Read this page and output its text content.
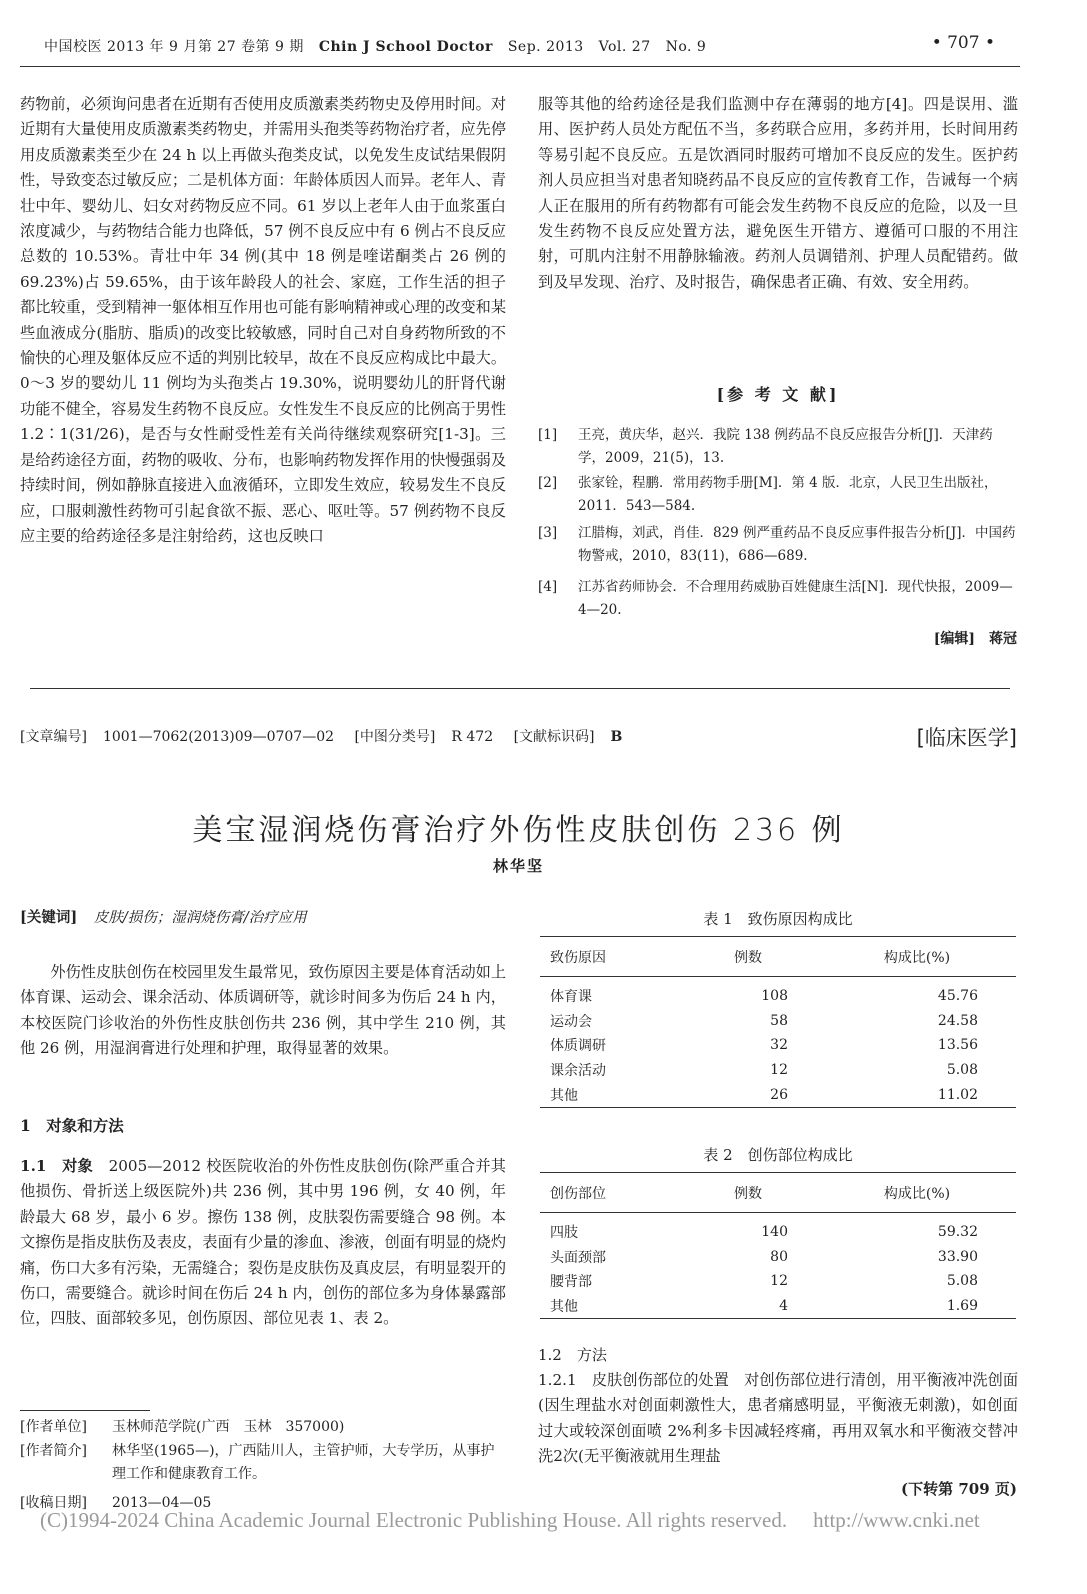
中国校医 2013 年 9 月第 27 卷第 9 期 Chin J School Doctor Sep. 2013 Vol. 27 No. 9	• 707 •
药物前，必须询问患者在近期有否使用皮质激素类药物史及停用时间。对近期有大量使用皮质激素类药物史，并需用头孢类等药物治疗者，应先停用皮质激素类至少在 24 h 以上再做头孢类皮试，以免发生皮试结果假阴性，导致变态过敏反应；二是机体方面：年龄体质因人而异。老年人、青壮中年、婴幼儿、妇女对药物反应不同。61 岁以上老年人由于血浆蛋白浓度减少，与药物结合能力也降低，57 例不良反应中有 6 例占不良反应总数的 10.53%。青壮中年 34 例(其中 18 例是喹诺酮类占 26 例的 69.23%)占 59.65%，由于该年龄段人的社会、家庭，工作生活的担子都比较重，受到精神一躯体相互作用也可能有影响精神或心理的改变和某些血液成分(脂肪、脂质)的改变比较敏感，同时自己对自身药物所致的不愉快的心理及躯体反应不适的判别比较早，故在不良反应构成比中最大。0～3 岁的婴幼儿 11 例均为头孢类占 19.30%，说明婴幼儿的肝肾代谢功能不健全，容易发生药物不良反应。女性发生不良反应的比例高于男性 1.2∶1(31/26)，是否与女性耐受性差有关尚待继续观察研究[1-3]。三是给药途径方面，药物的吸收、分布，也影响药物发挥作用的快慢强弱及持续时间，例如静脉直接进入血液循环，立即发生效应，较易发生不良反应，口服刺激性药物可引起食欲不振、恶心、呕吐等。57 例药物不良反应主要的给药途径多是注射给药，这也反映口
服等其他的给药途径是我们监测中存在薄弱的地方[4]。四是误用、滥用、医护药人员处方配伍不当，多药联合应用，多药并用，长时间用药等易引起不良反应。五是饮酒同时服药可增加不良反应的发生。医护药剂人员应担当对患者知晓药品不良反应的宣传教育工作，告诫每一个病人正在服用的所有药物都有可能会发生药物不良反应的危险，以及一旦发生药物不良反应处置方法，避免医生开错方、遵循可口服的不用注射，可肌内注射不用静脉输液。药剂人员调错剂、护理人员配错药。做到及早发现、治疗、及时报告，确保患者正确、有效、安全用药。
[参 考 文 献]
[1] 王亮，黄庆华，赵兴．我院 138 例药品不良反应报告分析[J]．天津药学，2009，21(5)，13.
[2] 张家铨，程鹏．常用药物手册[M]．第 4 版．北京，人民卫生出版社，2011．543—584.
[3] 江腊梅，刘武，肖佳．829 例严重药品不良反应事件报告分析[J]．中国药物警戒，2010，83(11)，686—689.
[4] 江苏省药师协会．不合理用药威胁百姓健康生活[N]．现代快报，2009—4—20.
[编辑]　蒋冠
[文章编号] 1001—7062(2013)09—0707—02 [中图分类号] R 472 [文献标识码] B	[临床医学]
美宝湿润烧伤膏治疗外伤性皮肤创伤 236 例
林华坚
[关键词] 皮肤/损伤；湿润烧伤膏/治疗应用
外伤性皮肤创伤在校园里发生最常见，致伤原因主要是体育活动如上体育课、运动会、课余活动、体质调研等，就诊时间多为伤后 24 h 内，本校医院门诊收治的外伤性皮肤创伤共 236 例，其中学生 210 例，其他 26 例，用湿润膏进行处理和护理，取得显著的效果。
1　对象和方法
1.1　对象　 2005—2012 校医院收治的外伤性皮肤创伤(除严重合并其他损伤、骨折送上级医院外)共 236 例，其中男 196 例，女 40 例，年龄最大 68 岁，最小 6 岁。擦伤 138 例，皮肤裂伤需要缝合 98 例。本文擦伤是指皮肤伤及表皮，表面有少量的渗血、渗液，创面有明显的烧灼痛，伤口大多有污染，无需缝合；裂伤是皮肤伤及真皮层，有明显裂开的伤口，需要缝合。就诊时间在伤后 24 h 内，创伤的部位多为身体暴露部位，四肢、面部较多见，创伤原因、部位见表 1、表 2。
表 1　致伤原因构成比
致伤原因	例数	构成比(%)
体育课	108	45.76
运动会	58	24.58
体质调研	32	13.56
课余活动	12	5.08
其他	26	11.02
表 2　创伤部位构成比
创伤部位	例数	构成比(%)
四肢	140	59.32
头面颈部	80	33.90
腰背部	12	5.08
其他	4	1.69
1.2　方法
1.2.1　皮肤创伤部位的处置　 对创伤部位进行清创，用平衡液冲洗创面(因生理盐水对创面刺激性大，患者痛感明显，平衡液无刺激)，如创面过大或较深创面喷 2%利多卡因减轻疼痛，再用双氧水和平衡液交替冲洗2次(无平衡液就用生理盐
(下转第 709 页)
[作者单位] 玉林师范学院(广西　玉林　357000)
[作者简介] 林华坚(1965—)，广西陆川人，主管护师，大专学历，从事护理工作和健康教育工作。
[收稿日期] 2013—04—05
(C)1994-2024 China Academic Journal Electronic Publishing House. All rights reserved. http://www.cnki.net
